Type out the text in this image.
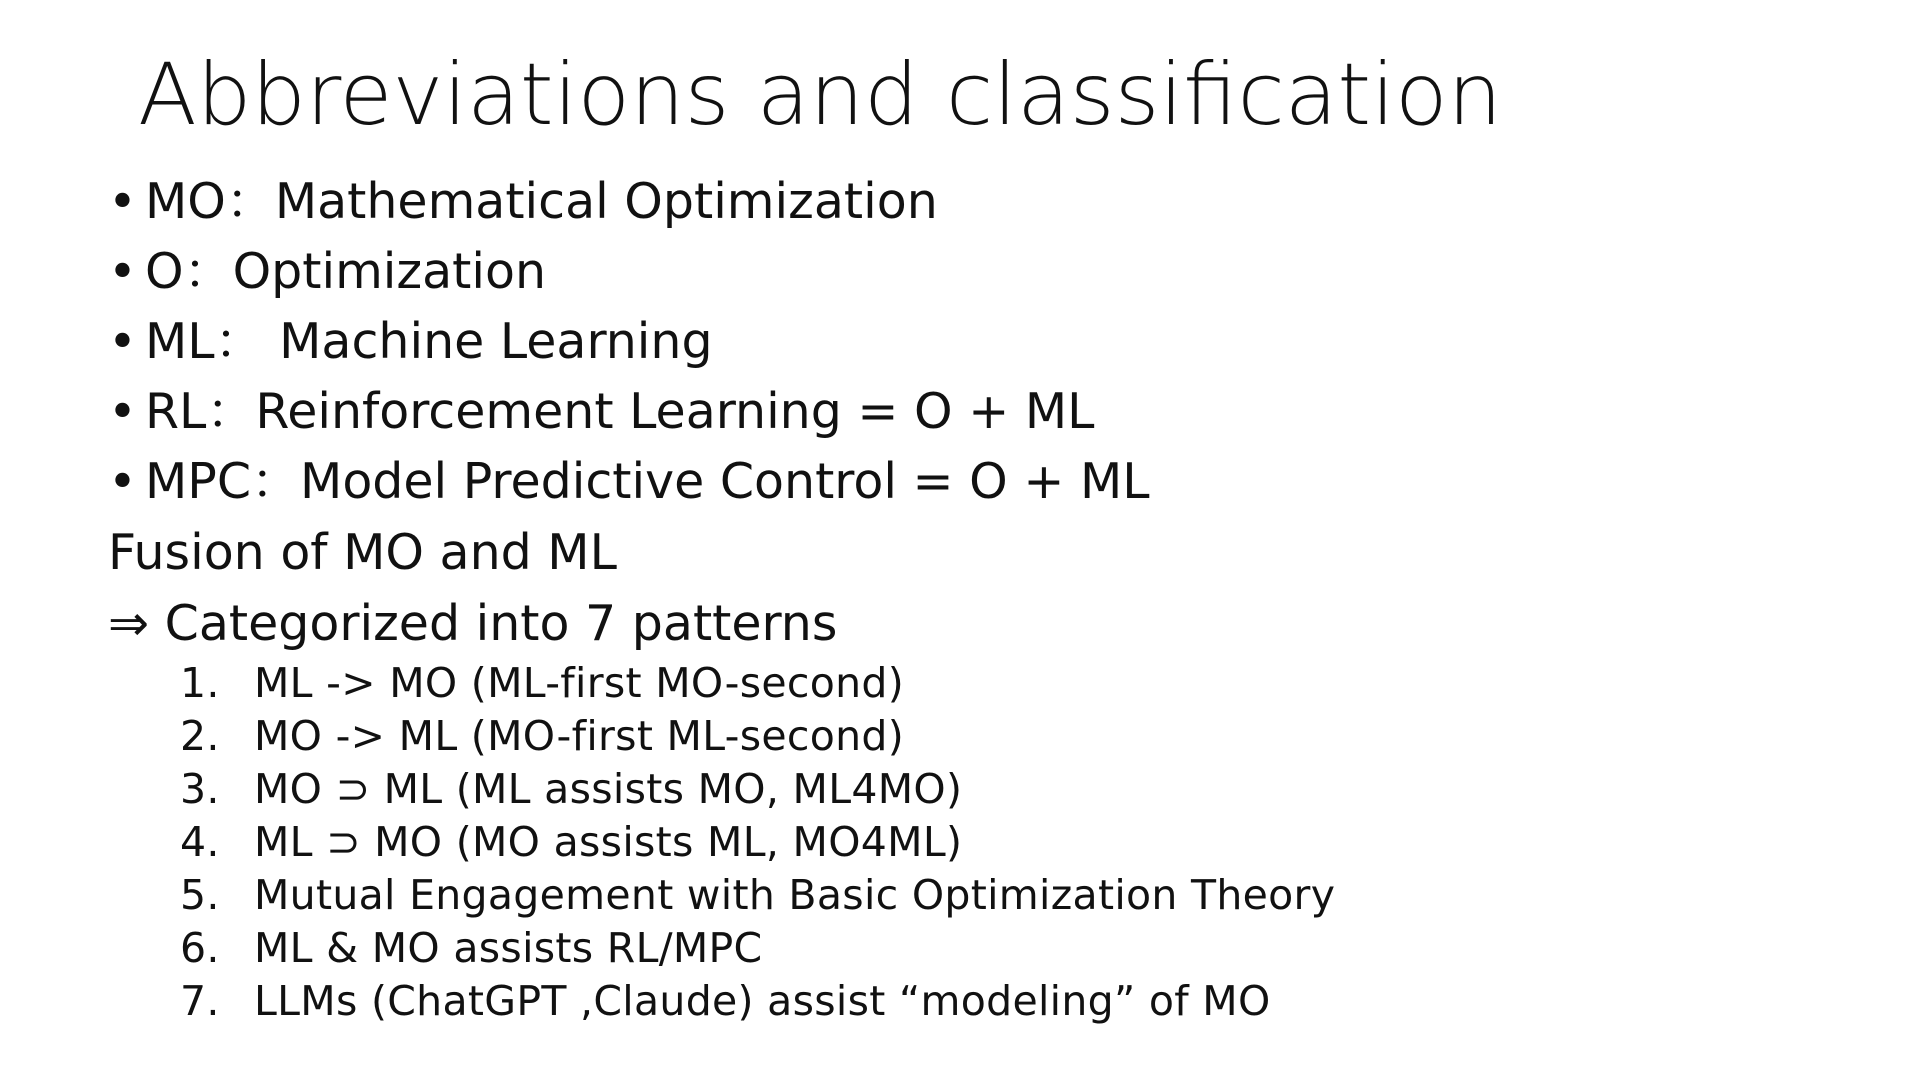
Abbreviations and classification
• MO：Mathematical Optimization
• O：Optimization
• ML： Machine Learning
• RL：Reinforcement Learning = O + ML
• MPC：Model Predictive Control = O + ML
Fusion of MO and ML
⇒ Categorized into 7 patterns
1. ML -> MO (ML-first MO-second)
2. MO -> ML (MO-first ML-second)
3. MO ⊃ ML (ML assists MO, ML4MO)
4. ML ⊃ MO (MO assists ML, MO4ML)
5. Mutual Engagement with Basic Optimization Theory
6. ML & MO assists RL/MPC
7. LLMs (ChatGPT ,Claude) assist “modeling” of MO
